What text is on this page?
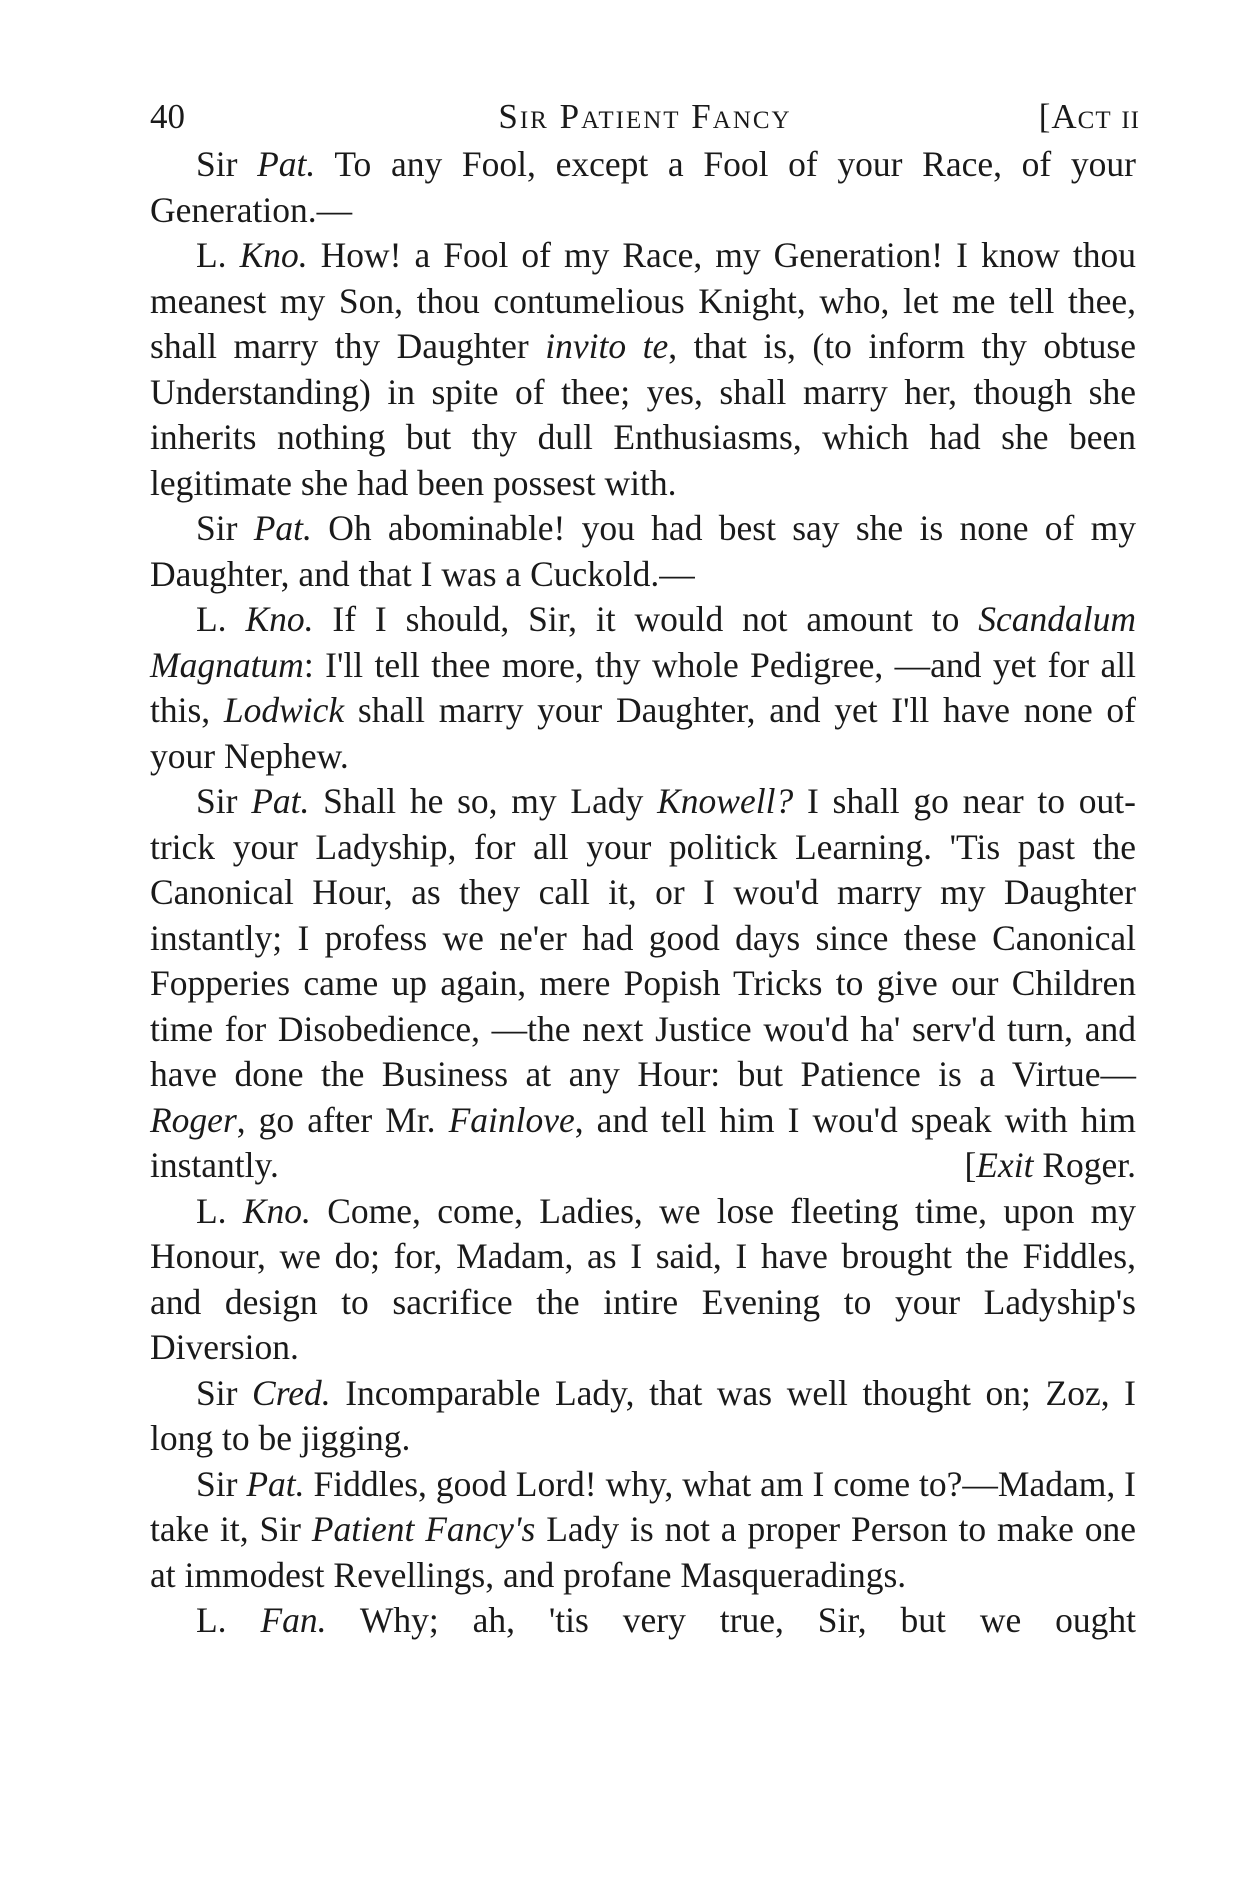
40	Sir Patient Fancy	[Act ii

Sir Pat. To any Fool, except a Fool of your Race, of your Generation.—

L. Kno. How! a Fool of my Race, my Generation! I know thou meanest my Son, thou contumelious Knight, who, let me tell thee, shall marry thy Daughter invito te, that is, (to inform thy obtuse Understanding) in spite of thee; yes, shall marry her, though she inherits nothing but thy dull Enthusiasms, which had she been legitimate she had been possest with.

Sir Pat. Oh abominable! you had best say she is none of my Daughter, and that I was a Cuckold.—

L. Kno. If I should, Sir, it would not amount to Scandalum Magnatum: I'll tell thee more, thy whole Pedigree, —and yet for all this, Lodwick shall marry your Daughter, and yet I'll have none of your Nephew.

Sir Pat. Shall he so, my Lady Knowell? I shall go near to out-trick your Ladyship, for all your politick Learning. 'Tis past the Canonical Hour, as they call it, or I wou'd marry my Daughter instantly; I profess we ne'er had good days since these Canonical Fopperies came up again, mere Popish Tricks to give our Children time for Disobedience, —the next Justice wou'd ha' serv'd turn, and have done the Business at any Hour: but Patience is a Virtue— Roger, go after Mr. Fainlove, and tell him I wou'd speak with him instantly.	[Exit Roger.

L. Kno. Come, come, Ladies, we lose fleeting time, upon my Honour, we do; for, Madam, as I said, I have brought the Fiddles, and design to sacrifice the intire Evening to your Ladyship's Diversion.

Sir Cred. Incomparable Lady, that was well thought on; Zoz, I long to be jigging.

Sir Pat. Fiddles, good Lord! why, what am I come to?—Madam, I take it, Sir Patient Fancy's Lady is not a proper Person to make one at immodest Revellings, and profane Masqueradings.

L. Fan. Why; ah, 'tis very true, Sir, but we ought
